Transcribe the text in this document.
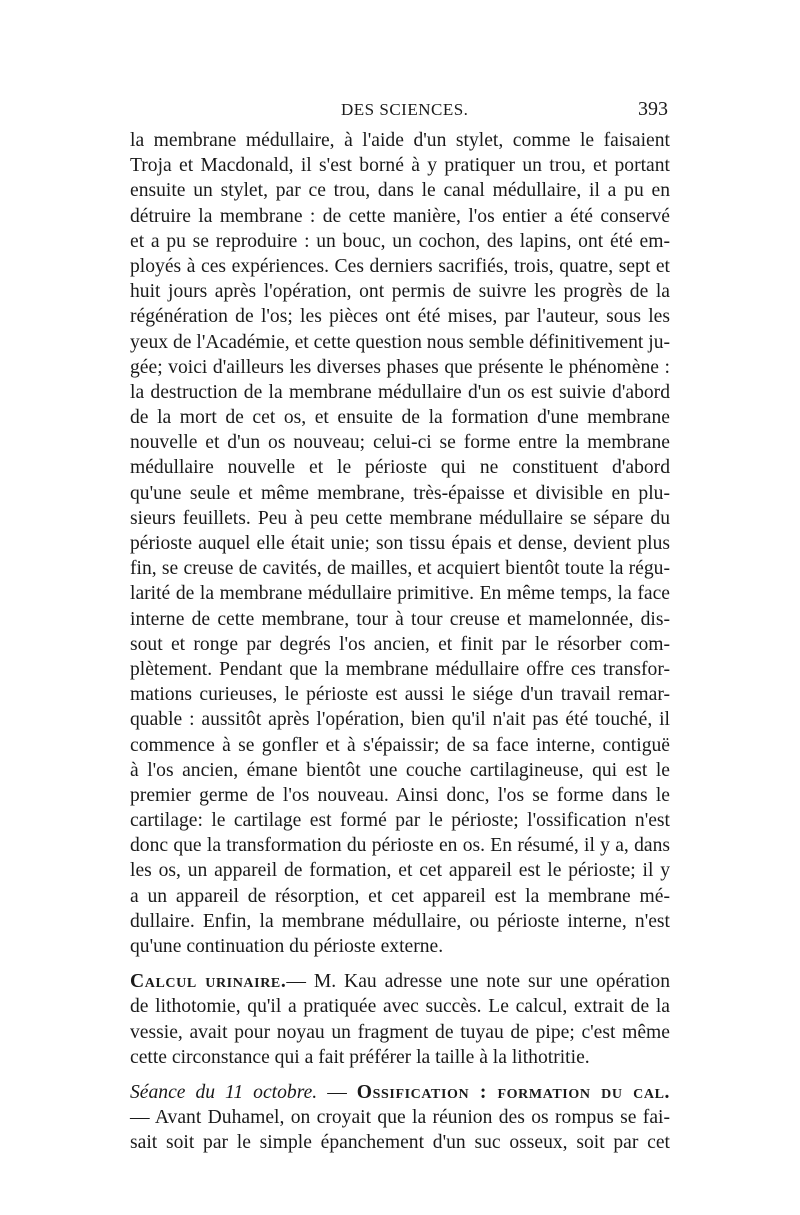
DES SCIENCES.	393
la membrane médullaire, à l'aide d'un stylet, comme le faisaient
Troja et Macdonald, il s'est borné à y pratiquer un trou, et portant
ensuite un stylet, par ce trou, dans le canal médullaire, il a pu en
détruire la membrane : de cette manière, l'os entier a été conservé
et a pu se reproduire : un bouc, un cochon, des lapins, ont été em-
ployés à ces expériences. Ces derniers sacrifiés, trois, quatre, sept et
huit jours après l'opération, ont permis de suivre les progrès de la
régénération de l'os; les pièces ont été mises, par l'auteur, sous les
yeux de l'Académie, et cette question nous semble définitivement ju-
gée; voici d'ailleurs les diverses phases que présente le phénomène :
la destruction de la membrane médullaire d'un os est suivie d'abord
de la mort de cet os, et ensuite de la formation d'une membrane
nouvelle et d'un os nouveau; celui-ci se forme entre la membrane
médullaire nouvelle et le périoste qui ne constituent d'abord
qu'une seule et même membrane, très-épaisse et divisible en plu-
sieurs feuillets. Peu à peu cette membrane médullaire se sépare du
périoste auquel elle était unie; son tissu épais et dense, devient plus
fin, se creuse de cavités, de mailles, et acquiert bientôt toute la régu-
larité de la membrane médullaire primitive. En même temps, la face
interne de cette membrane, tour à tour creuse et mamelonnée, dis-
sout et ronge par degrés l'os ancien, et finit par le résorber com-
plètement. Pendant que la membrane médullaire offre ces transfor-
mations curieuses, le périoste est aussi le siége d'un travail remar-
quable : aussitôt après l'opération, bien qu'il n'ait pas été touché, il
commence à se gonfler et à s'épaissir; de sa face interne, contiguë
à l'os ancien, émane bientôt une couche cartilagineuse, qui est le
premier germe de l'os nouveau. Ainsi donc, l'os se forme dans le
cartilage: le cartilage est formé par le périoste; l'ossification n'est
donc que la transformation du périoste en os. En résumé, il y a, dans
les os, un appareil de formation, et cet appareil est le périoste; il y
a un appareil de résorption, et cet appareil est la membrane mé-
dullaire. Enfin, la membrane médullaire, ou périoste interne, n'est
qu'une continuation du périoste externe.
Calcul urinaire.— M. Kau adresse une note sur une opération
de lithotomie, qu'il a pratiquée avec succès. Le calcul, extrait de la
vessie, avait pour noyau un fragment de tuyau de pipe; c'est même
cette circonstance qui a fait préférer la taille à la lithotritie.
Séance du 11 octobre. — Ossification : formation du cal.
— Avant Duhamel, on croyait que la réunion des os rompus se fai-
sait soit par le simple épanchement d'un suc osseux, soit par cet
